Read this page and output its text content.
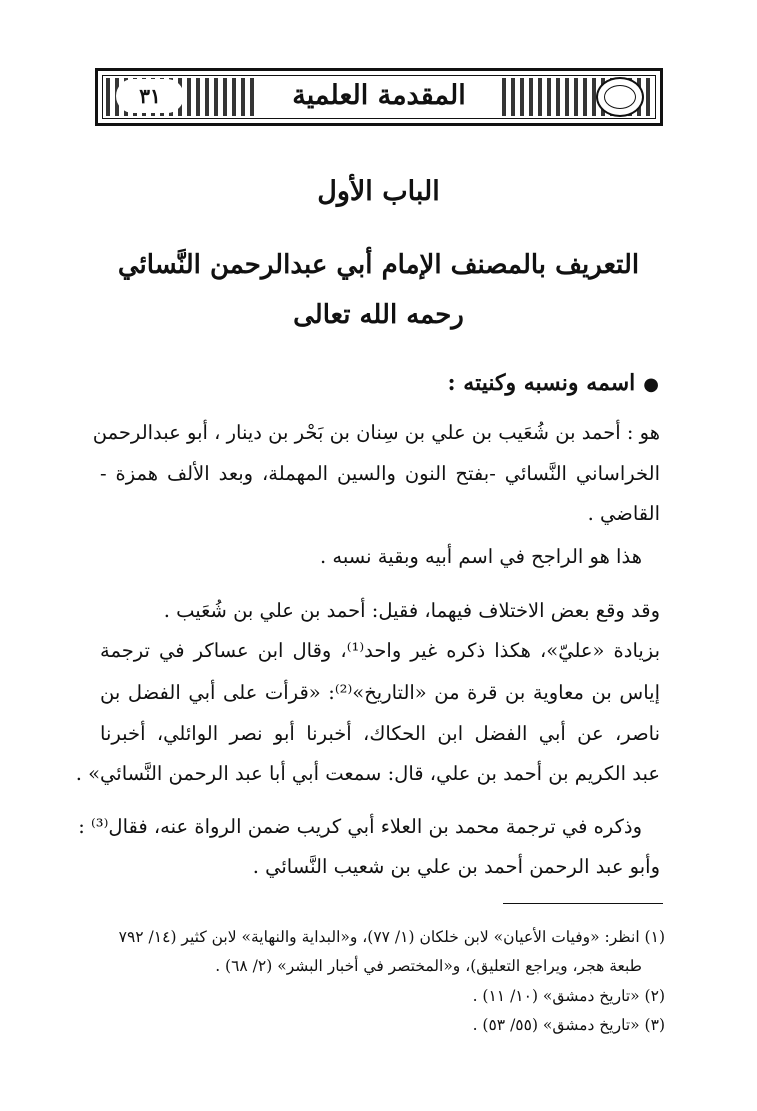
٣١	المقدمة العلمية
الباب الأول
التعريف بالمصنف الإمام أبي عبدالرحمن النَّسائي
رحمه الله تعالى
●اسمه ونسبه وكنيته :
هو : أحمد بن شُعَيب بن علي بن سِنان بن بَحْر بن دينار ، أبو عبدالرحمن
الخراساني النَّسائي -بفتح النون والسين المهملة، وبعد الألف همزة -
القاضي .
هذا هو الراجح في اسم أبيه وبقية نسبه .
وقد وقع بعض الاختلاف فيهما، فقيل: أحمد بن علي بن شُعَيب .
بزيادة «عليّ»، هكذا ذكره غير واحد⁽¹⁾، وقال ابن عساكر في ترجمة
إياس بن معاوية بن قرة من «التاريخ»⁽²⁾: «قرأت على أبي الفضل بن
ناصر، عن أبي الفضل ابن الحكاك، أخبرنا أبو نصر الوائلي، أخبرنا
عبد الكريم بن أحمد بن علي، قال: سمعت أبي أبا عبد الرحمن النَّسائي» .
وذكره في ترجمة محمد بن العلاء أبي كريب ضمن الرواة عنه، فقال⁽³⁾ :
وأبو عبد الرحمن أحمد بن علي بن شعيب النَّسائي .
(١) انظر: «وفيات الأعيان» لابن خلكان (١/ ٧٧)، و«البداية والنهاية» لابن كثير (١٤/ ٧٩٢
طبعة هجر، ويراجع التعليق)، و«المختصر في أخبار البشر» (٢/ ٦٨) .
(٢) «تاريخ دمشق» (١٠/ ١١) .
(٣) «تاريخ دمشق» (٥٥/ ٥٣) .
